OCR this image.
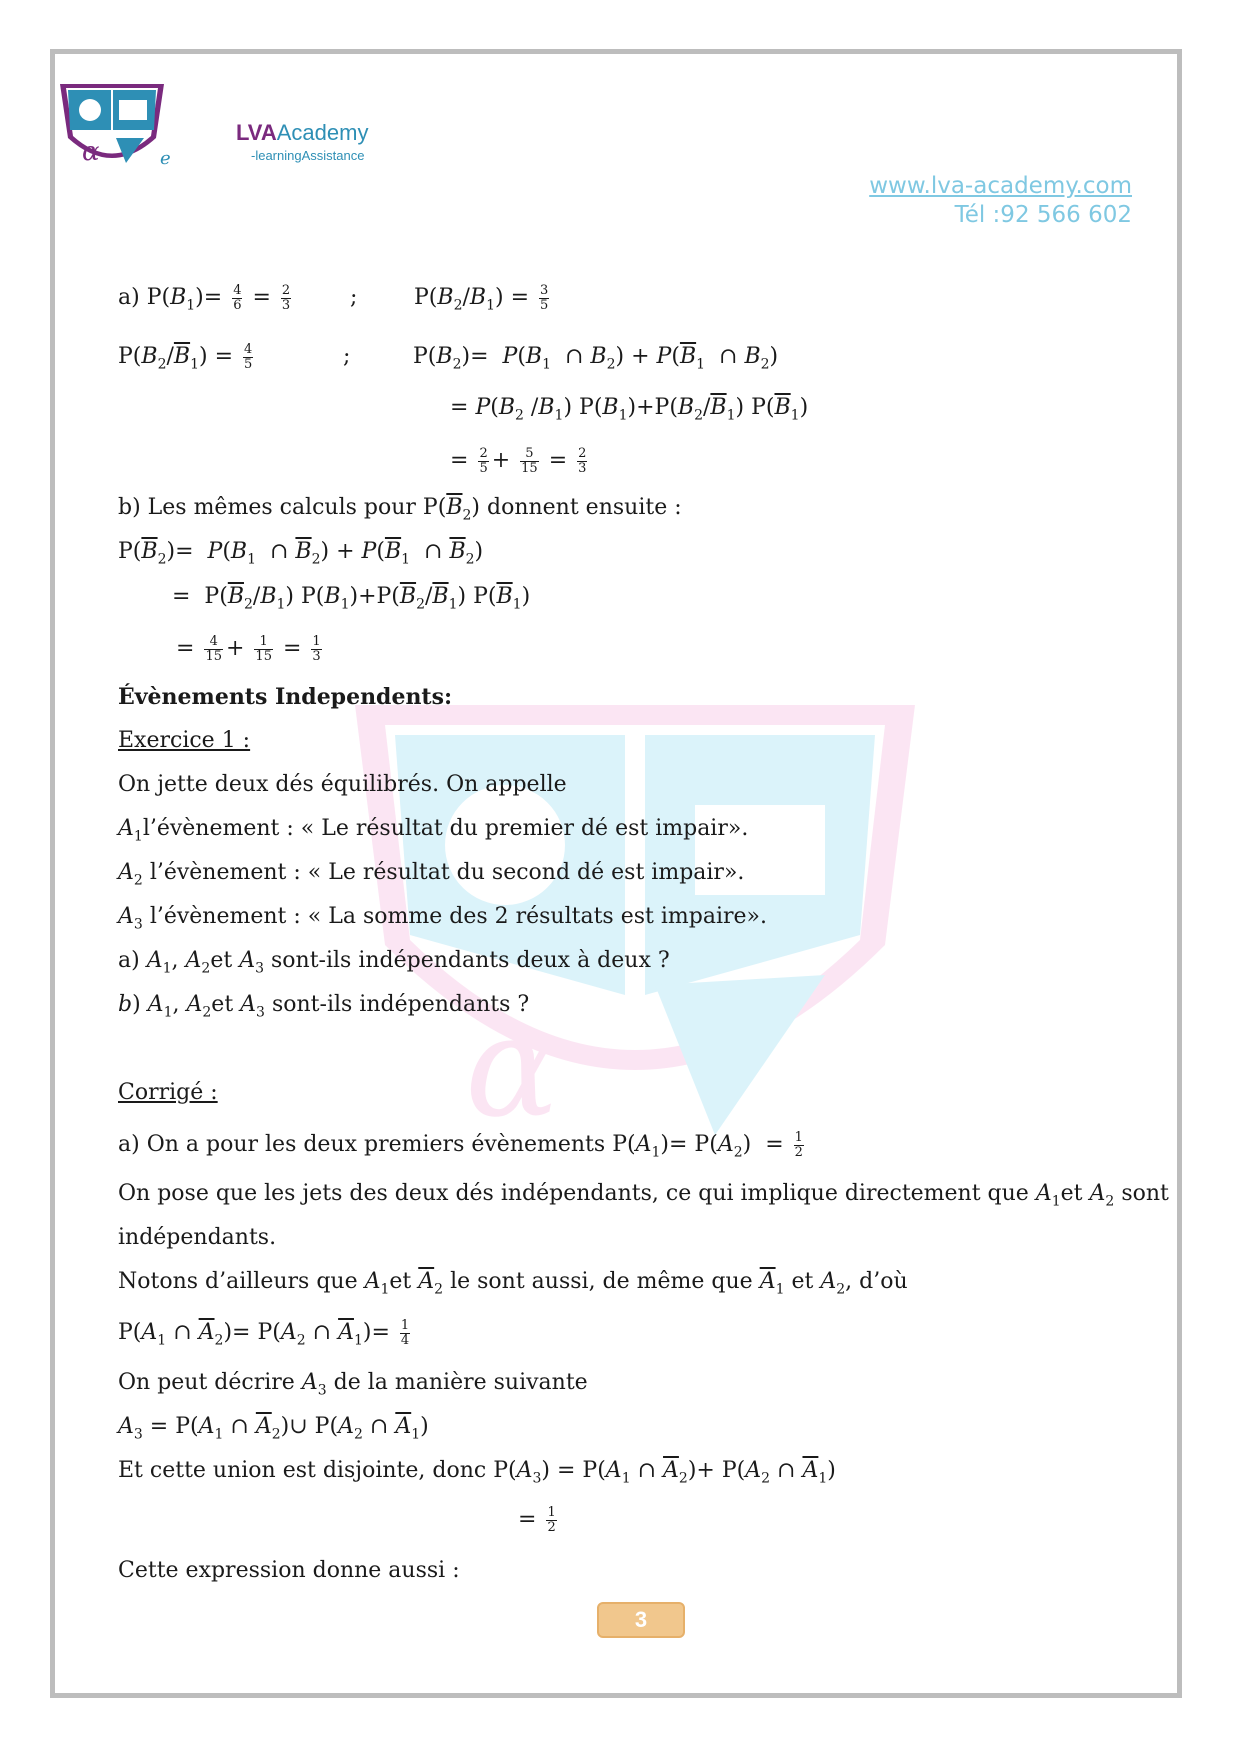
α	e
LVAAcademy
-learningAssistance
www.lva-academy.com
Tél :92 566 602
α
a) $P(B_1)= \frac{4}{6} = \frac{2}{3}$	;	$P(B_2/B_1) = \frac{3}{5}$
$P(B_2/\overline{B}_1) = \frac{4}{5}$	;	$P(B_2)= P(B_1$  ∩ $B_2) + P(\overline{B}_1$  ∩ $B_2$)
= $P(B_2$ $/B_1$) $P(B_1)+P(B_2/\overline{B}_1)$ $P(\overline{B}_1)$
= $\frac{2}{5} + \frac{5}{15} = \frac{2}{3}$
b) Les mêmes calculs pour $P(\overline{B}_2)$ donnent ensuite :
$P(\overline{B}_2)= P(B_1$  ∩ $\overline{B}_2) + P(\overline{B}_1$  ∩ $\overline{B}_2$)
=  $P(\overline{B}_2/B_1)$ $P(B_1)+P(\overline{B}_2/\overline{B}_1)$ $P(\overline{B}_1)$
= $\frac{4}{15} + \frac{1}{15} = \frac{1}{3}$
Évènements Independents:
Exercice 1 :
On jette deux dés équilibrés. On appelle
$A_1l’évènement$ : « Le résultat du premier dé est impair».
$A_2$ l’évènement : « Le résultat du second dé est impair».
$A_3$ l’évènement : « La somme des 2 résultats est impaire».
a) $A_1$, $A_2et$ $A_3$ sont-ils indépendants deux à deux ?
b) $A_1$, $A_2et$ $A_3$ sont-ils indépendants ?
Corrigé :
a) On a pour les deux premiers évènements $P(A_1)= P(A_2) = \frac{1}{2}$
On pose que les jets des deux dés indépendants, ce qui implique directement que $A_1et$ $A_2$ sont
indépendants.
Notons d’ailleurs que $A_1et$ $\overline{A}_2$ le sont aussi, de même que $\overline{A}_1$ et $A_2$, d’où
$P(A_1$ ∩ $\overline{A}_2)= P(A_2$ ∩ $\overline{A}_1)= \frac{1}{4}$
On peut décrire $A_3$ de la manière suivante
$A_3 = P(A_1$ ∩ $\overline{A}_2)\cup$ $P(A_2$ ∩ $\overline{A}_1$)
Et cette union est disjointe, donc $P(A_3) = P(A_1$ ∩ $\overline{A}_2)+ P(A_2$ ∩ $\overline{A}_1$)
= $\frac{1}{2}$
Cette expression donne aussi :
3
